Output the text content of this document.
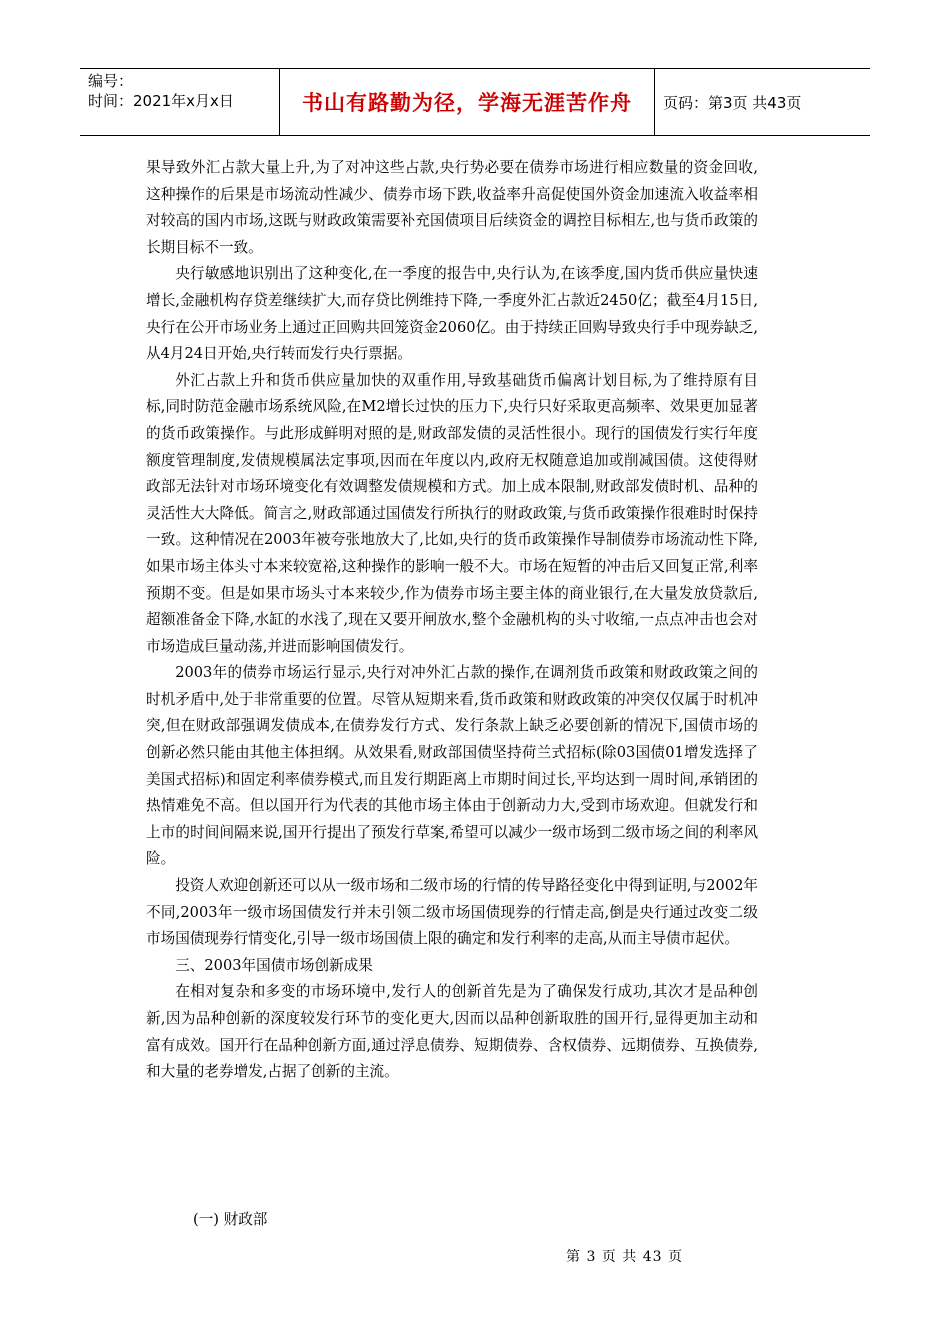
编号：
时间：2021年x月x日	书山有路勤为径，学海无涯苦作舟	页码：第3页 共43页

果导致外汇占款大量上升,为了对冲这些占款,央行势必要在债券市场进行相应数量的资金回收,这种操作的后果是市场流动性减少、债券市场下跌,收益率升高促使国外资金加速流入收益率相对较高的国内市场,这既与财政政策需要补充国债项目后续资金的调控目标相左,也与货币政策的长期目标不一致。

央行敏感地识别出了这种变化,在一季度的报告中,央行认为,在该季度,国内货币供应量快速增长,金融机构存贷差继续扩大,而存贷比例维持下降,一季度外汇占款近2450亿；截至4月15日,央行在公开市场业务上通过正回购共回笼资金2060亿。由于持续正回购导致央行手中现券缺乏,从4月24日开始,央行转而发行央行票据。

外汇占款上升和货币供应量加快的双重作用,导致基础货币偏离计划目标,为了维持原有目标,同时防范金融市场系统风险,在M2增长过快的压力下,央行只好采取更高频率、效果更加显著的货币政策操作。与此形成鲜明对照的是,财政部发债的灵活性很小。现行的国债发行实行年度额度管理制度,发债规模属法定事项,因而在年度以内,政府无权随意追加或削减国债。这使得财政部无法针对市场环境变化有效调整发债规模和方式。加上成本限制,财政部发债时机、品种的灵活性大大降低。简言之,财政部通过国债发行所执行的财政政策,与货币政策操作很难时时保持一致。这种情况在2003年被夸张地放大了,比如,央行的货币政策操作导制债券市场流动性下降,如果市场主体头寸本来较宽裕,这种操作的影响一般不大。市场在短暂的冲击后又回复正常,利率预期不变。但是如果市场头寸本来较少,作为债券市场主要主体的商业银行,在大量发放贷款后,超额准备金下降,水缸的水浅了,现在又要开闸放水,整个金融机构的头寸收缩,一点点冲击也会对市场造成巨量动荡,并进而影响国债发行。

2003年的债券市场运行显示,央行对冲外汇占款的操作,在调剂货币政策和财政政策之间的时机矛盾中,处于非常重要的位置。尽管从短期来看,货币政策和财政政策的冲突仅仅属于时机冲突,但在财政部强调发债成本,在债券发行方式、发行条款上缺乏必要创新的情况下,国债市场的创新必然只能由其他主体担纲。从效果看,财政部国债坚持荷兰式招标(除03国债01增发选择了美国式招标)和固定利率债券模式,而且发行期距离上市期时间过长,平均达到一周时间,承销团的热情难免不高。但以国开行为代表的其他市场主体由于创新动力大,受到市场欢迎。但就发行和上市的时间间隔来说,国开行提出了预发行草案,希望可以减少一级市场到二级市场之间的利率风险。

投资人欢迎创新还可以从一级市场和二级市场的行情的传导路径变化中得到证明,与2002年不同,2003年一级市场国债发行并未引领二级市场国债现券的行情走高,倒是央行通过改变二级市场国债现券行情变化,引导一级市场国债上限的确定和发行利率的走高,从而主导债市起伏。

三、2003年国债市场创新成果

在相对复杂和多变的市场环境中,发行人的创新首先是为了确保发行成功,其次才是品种创新,因为品种创新的深度较发行环节的变化更大,因而以品种创新取胜的国开行,显得更加主动和富有成效。国开行在品种创新方面,通过浮息债券、短期债券、含权债券、远期债券、互换债券,和大量的老券增发,占据了创新的主流。

(一) 财政部
第 3 页 共 43 页
